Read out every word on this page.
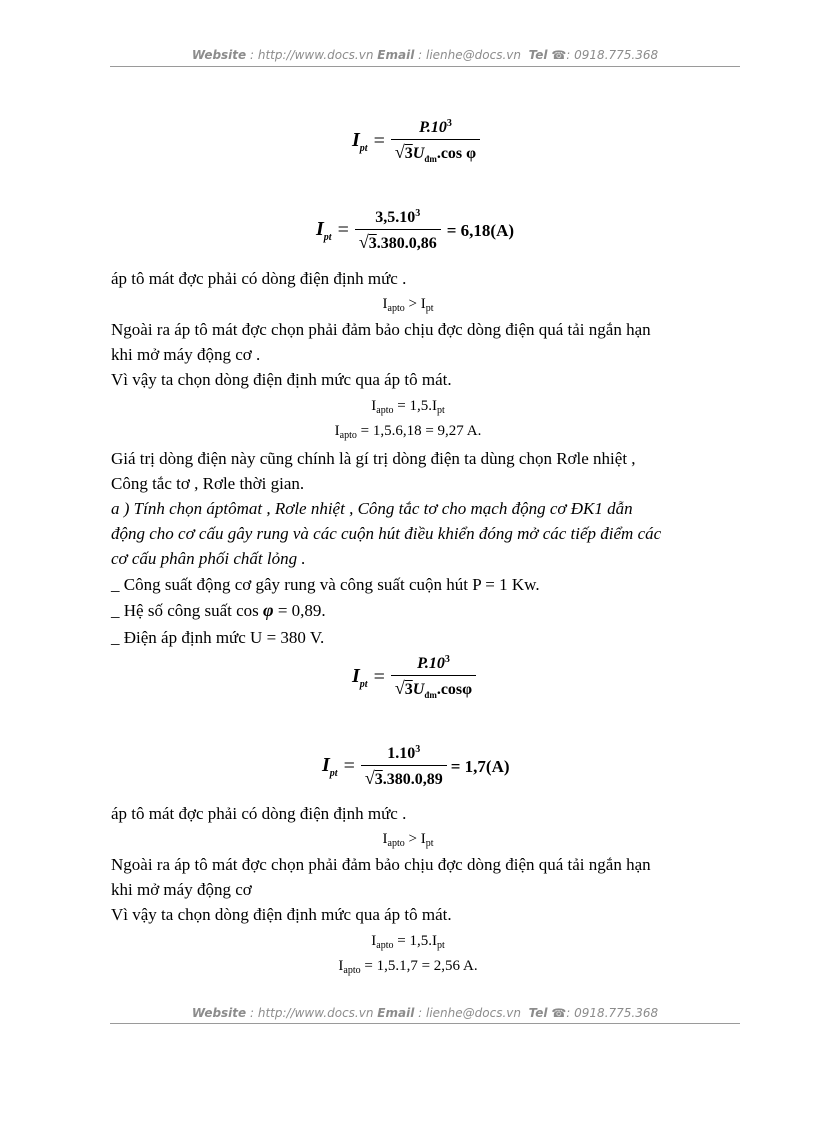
Website : http://www.docs.vn Email : lienhe@docs.vn Tel ☎: 0918.775.368
$I_{pt} = \frac{P.10^3}{√3U_{đm}.\cos \varphi}$
$I_{pt} = \frac{3,5.10^3}{√3.380.0,86} = 6,18(A)$
áp tô mát đợc phải có dòng điện định mức .
$I_{apto} > I_{pt}$
Ngoài ra áp tô mát đợc chọn phải đảm bảo chịu đợc dòng điện quá tải ngắn hạn
khi mở máy động cơ .
Vì vậy ta chọn dòng điện định mức qua áp tô mát.
$I_{apto} = 1,5.I_{pt}$
$I_{apto} = 1,5.6,18 = 9,27$ A.
Giá trị dòng điện này cũng chính là gí trị dòng điện ta dùng chọn Rơle nhiệt ,
Công tắc tơ , Rơle thời gian.
a ) Tính chọn áptômat , Rơle nhiệt , Công tắc tơ cho mạch động cơ ĐK1 dẫn
động cho cơ cấu gây rung và các cuộn hút điều khiển đóng mở các tiếp điểm các
cơ cấu phân phối chất lỏng .
_ Công suất động cơ gây rung và công suất cuộn hút P = 1 Kw.
_ Hệ số công suất cos φ = 0,89.
_ Điện áp định mức U = 380 V.
$I_{pt} = \frac{P.10^3}{√3U_{đm}.\cos\varphi}$
$I_{pt} = \frac{1.10^3}{√3.380.0,89} = 1,7(A)$
áp tô mát đợc phải có dòng điện định mức .
$I_{apto} > I_{pt}$
Ngoài ra áp tô mát đợc chọn phải đảm bảo chịu đợc dòng điện quá tải ngắn hạn
khi mở máy động cơ
Vì vậy ta chọn dòng điện định mức qua áp tô mát.
$I_{apto} = 1,5.I_{pt}$
$I_{apto} = 1,5.1,7 = 2,56$ A.
Website : http://www.docs.vn Email : lienhe@docs.vn Tel ☎: 0918.775.368
